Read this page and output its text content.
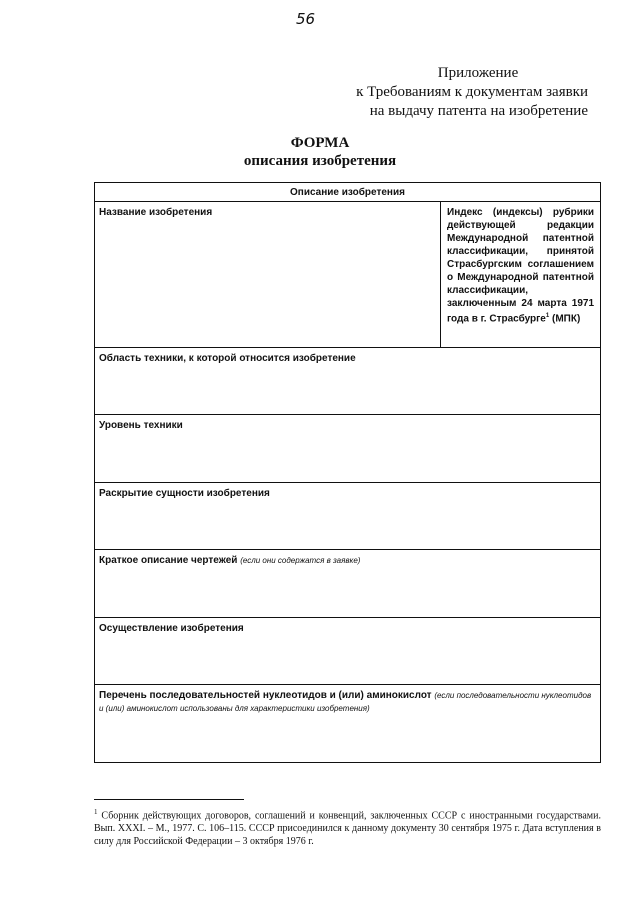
56
Приложение
к Требованиям к документам заявки
на выдачу патента на изобретение
ФОРМА
описания изобретения
Описание изобретения
Название изобретения	Индекс (индексы) рубрики действующей редакции Международной патентной классификации, принятой Страсбургским соглашением о Международной патентной классификации, заключенным 24 марта 1971 года в г. Страсбурге$^1$ (МПК)
Область техники, к которой относится изобретение
Уровень техники
Раскрытие сущности изобретения
Краткое описание чертежей (если они содержатся в заявке)
Осуществление изобретения
Перечень последовательностей нуклеотидов и (или) аминокислот (если последовательности нуклеотидов и (или) аминокислот использованы для характеристики изобретения)
$^1$ Сборник действующих договоров, соглашений и конвенций, заключенных СССР с иностранными государствами. Вып. XXXI. – М., 1977. С. 106–115. СССР присоединился к данному документу 30 сентября 1975 г. Дата вступления в силу для Российской Федерации – 3 октября 1976 г.
